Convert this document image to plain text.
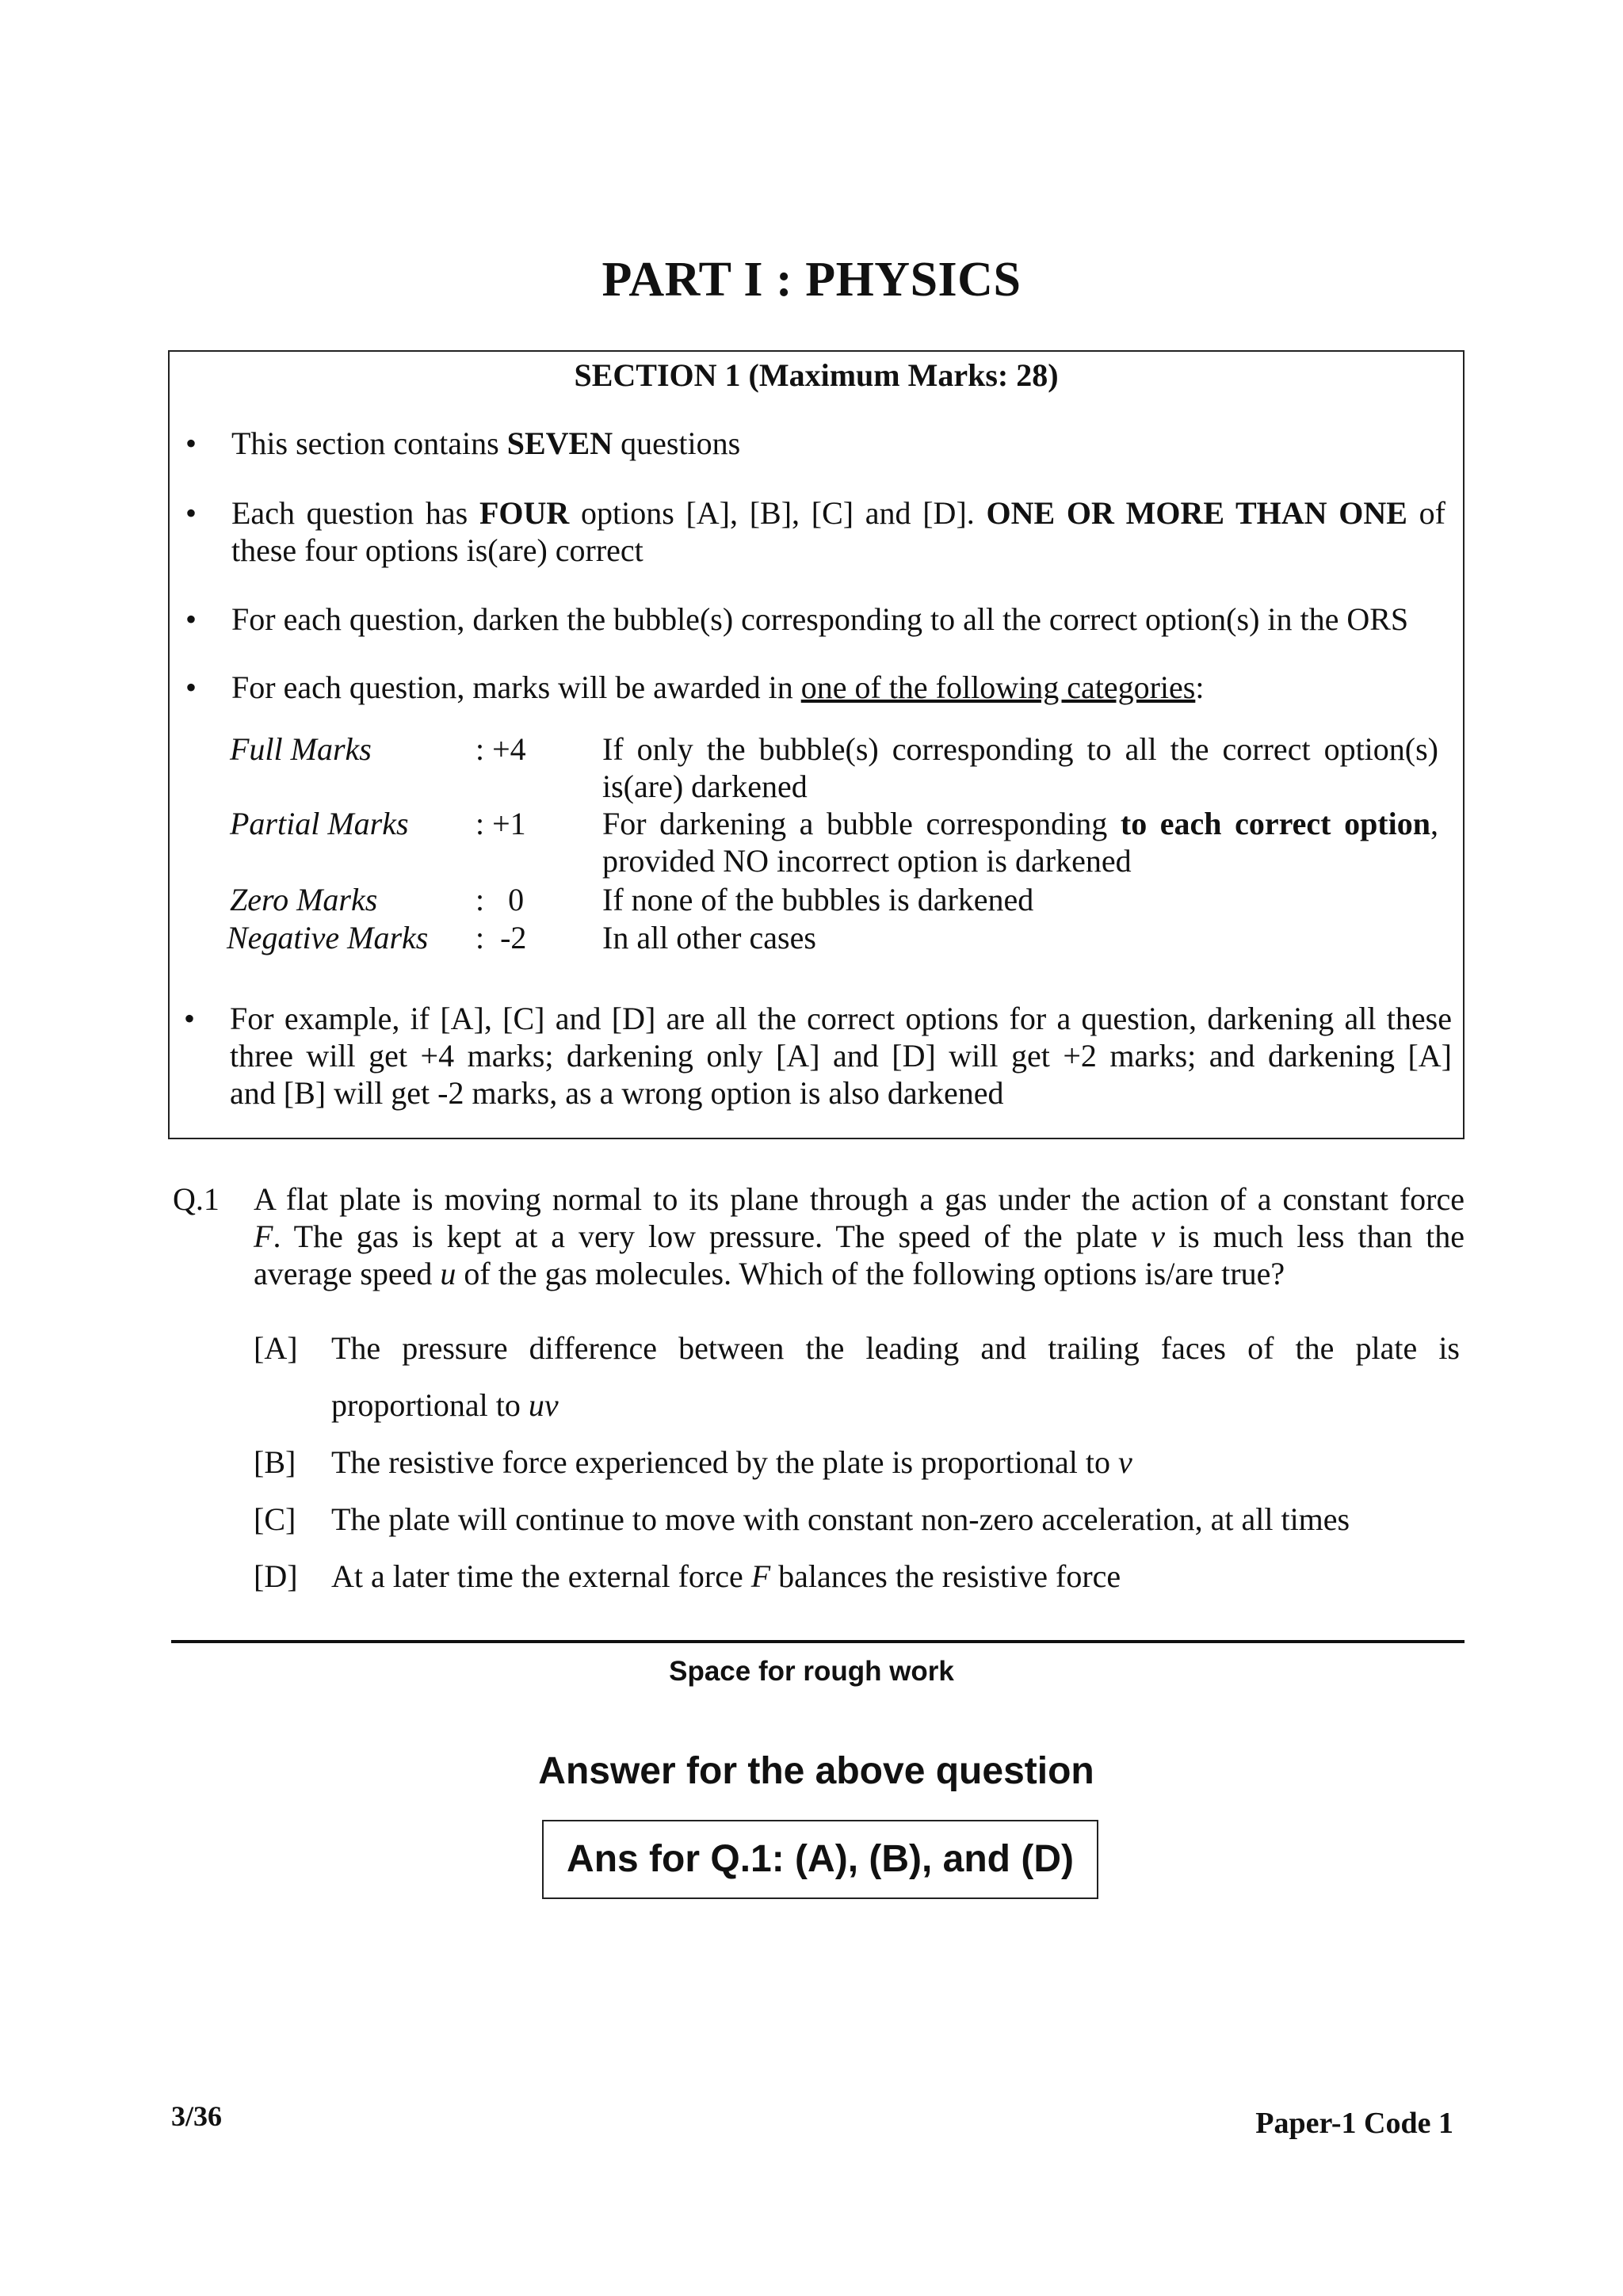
PART I : PHYSICS
SECTION 1 (Maximum Marks: 28)
•	This section contains SEVEN questions
•	Each question has FOUR options [A], [B], [C] and [D]. ONE OR MORE THAN ONE of
these four options is(are) correct
•	For each question, darken the bubble(s) corresponding to all the correct option(s) in the ORS
•	For each question, marks will be awarded in one of the following categories:
Full Marks	: +4 If only the bubble(s) corresponding to all the correct option(s)
is(are) darkened
Partial Marks : +1 For darkening a bubble corresponding to each correct option,
provided NO incorrect option is darkened
Zero Marks	:   0 If none of the bubbles is darkened
Negative Marks :  -2 In all other cases
•	For example, if [A], [C] and [D] are all the correct options for a question, darkening all these
three will get +4 marks; darkening only [A] and [D] will get +2 marks; and darkening [A]
and [B] will get -2 marks, as a wrong option is also darkened
Q.1 A flat plate is moving normal to its plane through a gas under the action of a constant force
F. The gas is kept at a very low pressure. The speed of the plate v is much less than the
average speed u of the gas molecules. Which of the following options is/are true?
[A] The pressure difference between the leading and trailing faces of the plate is
proportional to uv
[B] The resistive force experienced by the plate is proportional to v
[C] The plate will continue to move with constant non-zero acceleration, at all times
[D] At a later time the external force F balances the resistive force
Space for rough work
Answer for the above question
Ans for Q.1: (A), (B), and (D)
3/36	Paper-1 Code 1
